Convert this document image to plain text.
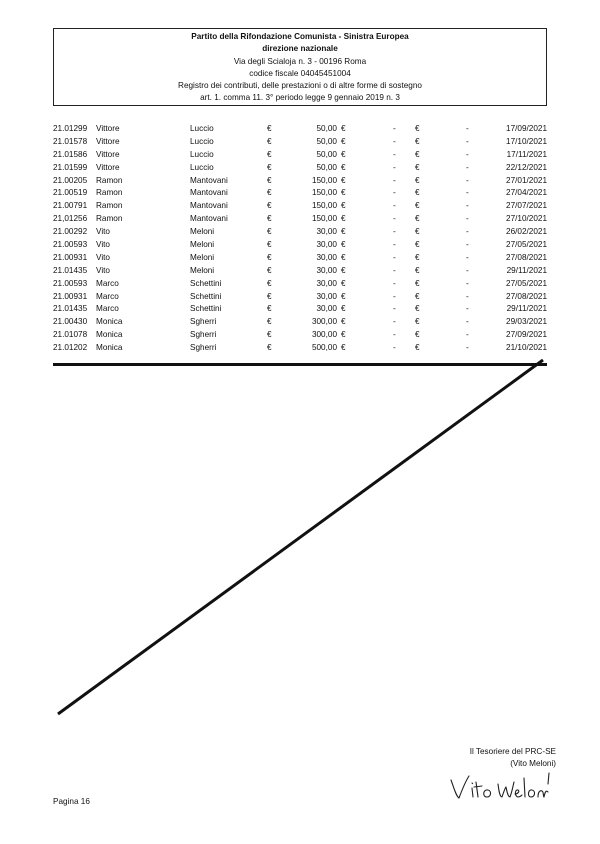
Partito della Rifondazione Comunista - Sinistra Europea
direzione nazionale
Via degli Scialoja n. 3 - 00196 Roma
codice fiscale 04045451004
Registro dei contributi, delle prestazioni o di altre forme di sostegno
art. 1. comma 11. 3° periodo legge 9 gennaio 2019 n. 3
21.01299 Vittore	Luccio	€	50,00 €	- €	-	17/09/2021
21.01578 Vittore	Luccio	€	50,00 €	- €	-	17/10/2021
21.01586 Vittore	Luccio	€	50,00 €	- €	-	17/11/2021
21.01599 Vittore	Luccio	€	50,00 €	- €	-	22/12/2021
21.00205 Ramon	Mantovani	€	150,00 €	- €	-	27/01/2021
21.00519 Ramon	Mantovani	€	150,00 €	- €	-	27/04/2021
21.00791 Ramon	Mantovani	€	150,00 €	- €	-	27/07/2021
21,01256 Ramon	Mantovani	€	150,00 €	- €	-	27/10/2021
21.00292 Vito	Meloni	€	30,00 €	- €	-	26/02/2021
21.00593 Vito	Meloni	€	30,00 €	- €	-	27/05/2021
21.00931 Vito	Meloni	€	30,00 €	- €	-	27/08/2021
21.01435 Vito	Meloni	€	30,00 €	- €	-	29/11/2021
21.00593 Marco	Schettini	€	30,00 €	- €	-	27/05/2021
21.00931 Marco	Schettini	€	30,00 €	- €	-	27/08/2021
21.01435 Marco	Schettini	€	30,00 €	- €	-	29/11/2021
21.00430 Monica	Sgherri	€	300,00 €	- €	-	29/03/2021
21.01078 Monica	Sgherri	€	300,00 €	- €	-	27/09/2021
21.01202 Monica	Sgherri	€	500,00 €	- €	-	21/10/2021
Il Tesoriere del PRC-SE
(Vito Meloni)
Pagina 16
